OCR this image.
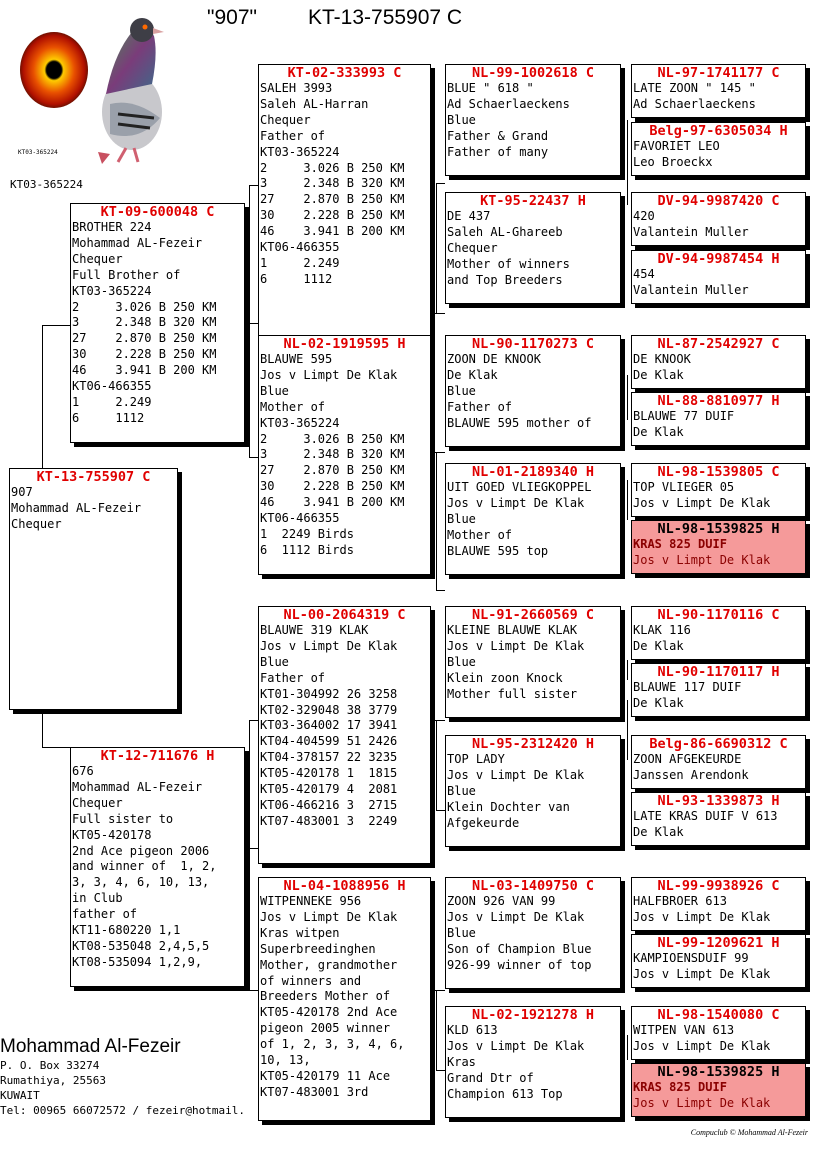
"907" KT-13-755907 C
KT03-365224
KT03-365224
KT-13-755907 C
907
Mohammad AL-Fezeir
Chequer
KT-09-600048 C
BROTHER 224
Mohammad AL-Fezeir
Chequer
Full Brother of
KT03-365224
2     3.026 B 250 KM
3     2.348 B 320 KM
27    2.870 B 250 KM
30    2.228 B 250 KM
46    3.941 B 200 KM
KT06-466355
1     2.249
6     1112
KT-12-711676 H
676
Mohammad AL-Fezeir
Chequer
Full sister to
KT05-420178
2nd Ace pigeon 2006
and winner of  1, 2,
3, 3, 4, 6, 10, 13,
in Club
father of
KT11-680220 1,1
KT08-535048 2,4,5,5
KT08-535094 1,2,9,
KT-02-333993 C
SALEH 3993
Saleh AL-Harran
Chequer
Father of
KT03-365224
2     3.026 B 250 KM
3     2.348 B 320 KM
27    2.870 B 250 KM
30    2.228 B 250 KM
46    3.941 B 200 KM
KT06-466355
1     2.249
6     1112
NL-02-1919595 H
BLAUWE 595
Jos v Limpt De Klak
Blue
Mother of
KT03-365224
2     3.026 B 250 KM
3     2.348 B 320 KM
27    2.870 B 250 KM
30    2.228 B 250 KM
46    3.941 B 200 KM
KT06-466355
1  2249 Birds
6  1112 Birds
NL-00-2064319 C
BLAUWE 319 KLAK
Jos v Limpt De Klak
Blue
Father of
KT01-304992 26 3258
KT02-329048 38 3779
KT03-364002 17 3941
KT04-404599 51 2426
KT04-378157 22 3235
KT05-420178 1  1815
KT05-420179 4  2081
KT06-466216 3  2715
KT07-483001 3  2249
NL-04-1088956 H
WITPENNEKE 956
Jos v Limpt De Klak
Kras witpen
Superbreedinghen
Mother, grandmother
of winners and
Breeders Mother of
KT05-420178 2nd Ace
pigeon 2005 winner
of 1, 2, 3, 3, 4, 6,
10, 13,
KT05-420179 11 Ace
KT07-483001 3rd
NL-99-1002618 C
BLUE " 618 "
Ad Schaerlaeckens
Blue
Father & Grand
Father of many
KT-95-22437 H
DE 437
Saleh AL-Ghareeb
Chequer
Mother of winners
and Top Breeders
NL-90-1170273 C
ZOON DE KNOOK
De Klak
Blue
Father of
BLAUWE 595 mother of
NL-01-2189340 H
UIT GOED VLIEGKOPPEL
Jos v Limpt De Klak
Blue
Mother of
BLAUWE 595 top
NL-91-2660569 C
KLEINE BLAUWE KLAK
Jos v Limpt De Klak
Blue
Klein zoon Knock
Mother full sister
NL-95-2312420 H
TOP LADY
Jos v Limpt De Klak
Blue
Klein Dochter van
Afgekeurde
NL-03-1409750 C
ZOON 926 VAN 99
Jos v Limpt De Klak
Blue
Son of Champion Blue
926-99 winner of top
NL-02-1921278 H
KLD 613
Jos v Limpt De Klak
Kras
Grand Dtr of
Champion 613 Top
NL-97-1741177 C
LATE ZOON " 145 "
Ad Schaerlaeckens
Belg-97-6305034 H
FAVORIET LEO
Leo Broeckx
DV-94-9987420 C
420
Valantein Muller
DV-94-9987454 H
454
Valantein Muller
NL-87-2542927 C
DE KNOOK
De Klak
NL-88-8810977 H
BLAUWE 77 DUIF
De Klak
NL-98-1539805 C
TOP VLIEGER 05
Jos v Limpt De Klak
NL-98-1539825 H
KRAS 825 DUIF
Jos v Limpt De Klak
NL-90-1170116 C
KLAK 116
De Klak
NL-90-1170117 H
BLAUWE 117 DUIF
De Klak
Belg-86-6690312 C
ZOON AFGEKEURDE
Janssen Arendonk
NL-93-1339873 H
LATE KRAS DUIF V 613
De Klak
NL-99-9938926 C
HALFBROER 613
Jos v Limpt De Klak
NL-99-1209621 H
KAMPIOENSDUIF 99
Jos v Limpt De Klak
NL-98-1540080 C
WITPEN VAN 613
Jos v Limpt De Klak
NL-98-1539825 H
KRAS 825 DUIF
Jos v Limpt De Klak
Mohammad Al-Fezeir
P. O. Box 33274
Rumathiya, 25563
KUWAIT
Tel: 00965 66072572 / fezeir@hotmail.
Compuclub © Mohammad Al-Fezeir
